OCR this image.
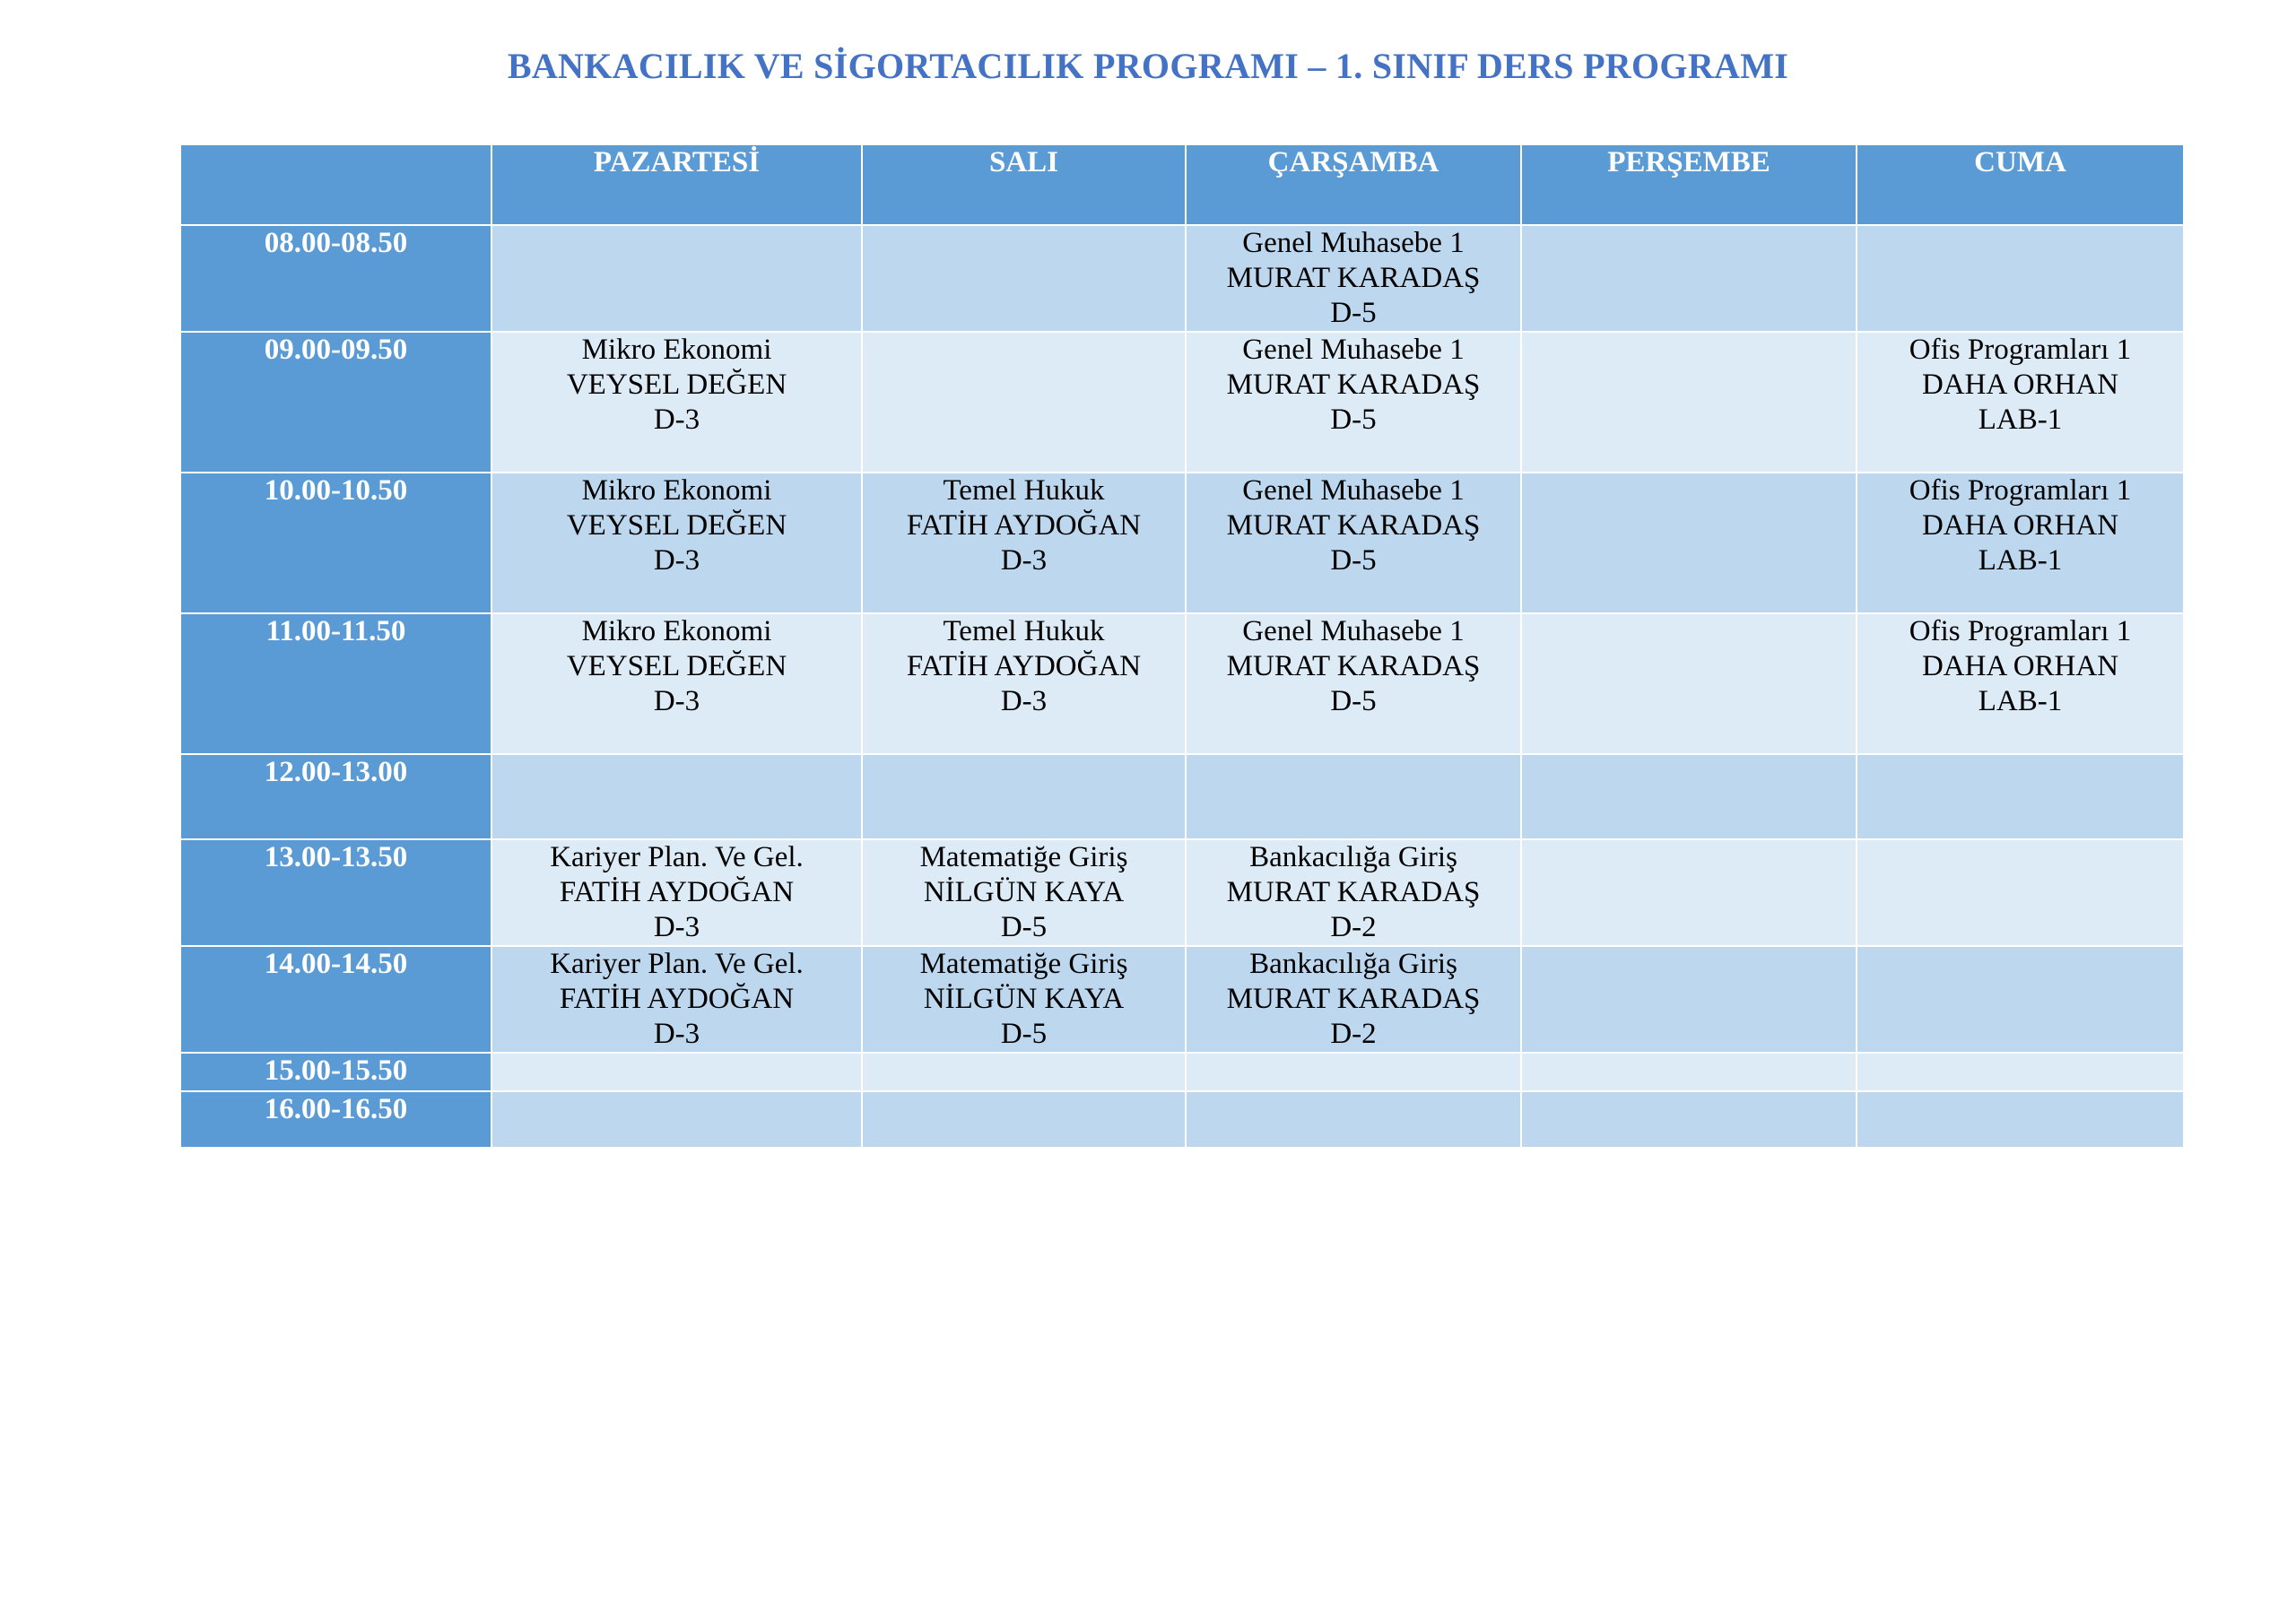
BANKACILIK VE SİGORTACILIK PROGRAMI – 1. SINIF DERS PROGRAMI
	PAZARTESİ	SALI	ÇARŞAMBA	PERŞEMBE	CUMA
08.00-08.50			Genel Muhasebe 1
MURAT KARADAŞ
D-5		

09.00-09.50	Mikro Ekonomi
VEYSEL DEĞEN
D-3		Genel Muhasebe 1
MURAT KARADAŞ
D-5		Ofis Programları 1
DAHA ORHAN
LAB-1

10.00-10.50	Mikro Ekonomi
VEYSEL DEĞEN
D-3	Temel Hukuk
FATİH AYDOĞAN
D-3	Genel Muhasebe 1
MURAT KARADAŞ
D-5		Ofis Programları 1
DAHA ORHAN
LAB-1

11.00-11.50	Mikro Ekonomi
VEYSEL DEĞEN
D-3	Temel Hukuk
FATİH AYDOĞAN
D-3	Genel Muhasebe 1
MURAT KARADAŞ
D-5		Ofis Programları 1
DAHA ORHAN
LAB-1

12.00-13.00					
13.00-13.50	Kariyer Plan. Ve Gel.
FATİH AYDOĞAN
D-3	Matematiğe Giriş
NİLGÜN KAYA
D-5	Bankacılığa Giriş
MURAT KARADAŞ
D-2		

14.00-14.50	Kariyer Plan. Ve Gel.
FATİH AYDOĞAN
D-3	Matematiğe Giriş
NİLGÜN KAYA
D-5	Bankacılığa Giriş
MURAT KARADAŞ
D-2		

15.00-15.50					
16.00-16.50					
